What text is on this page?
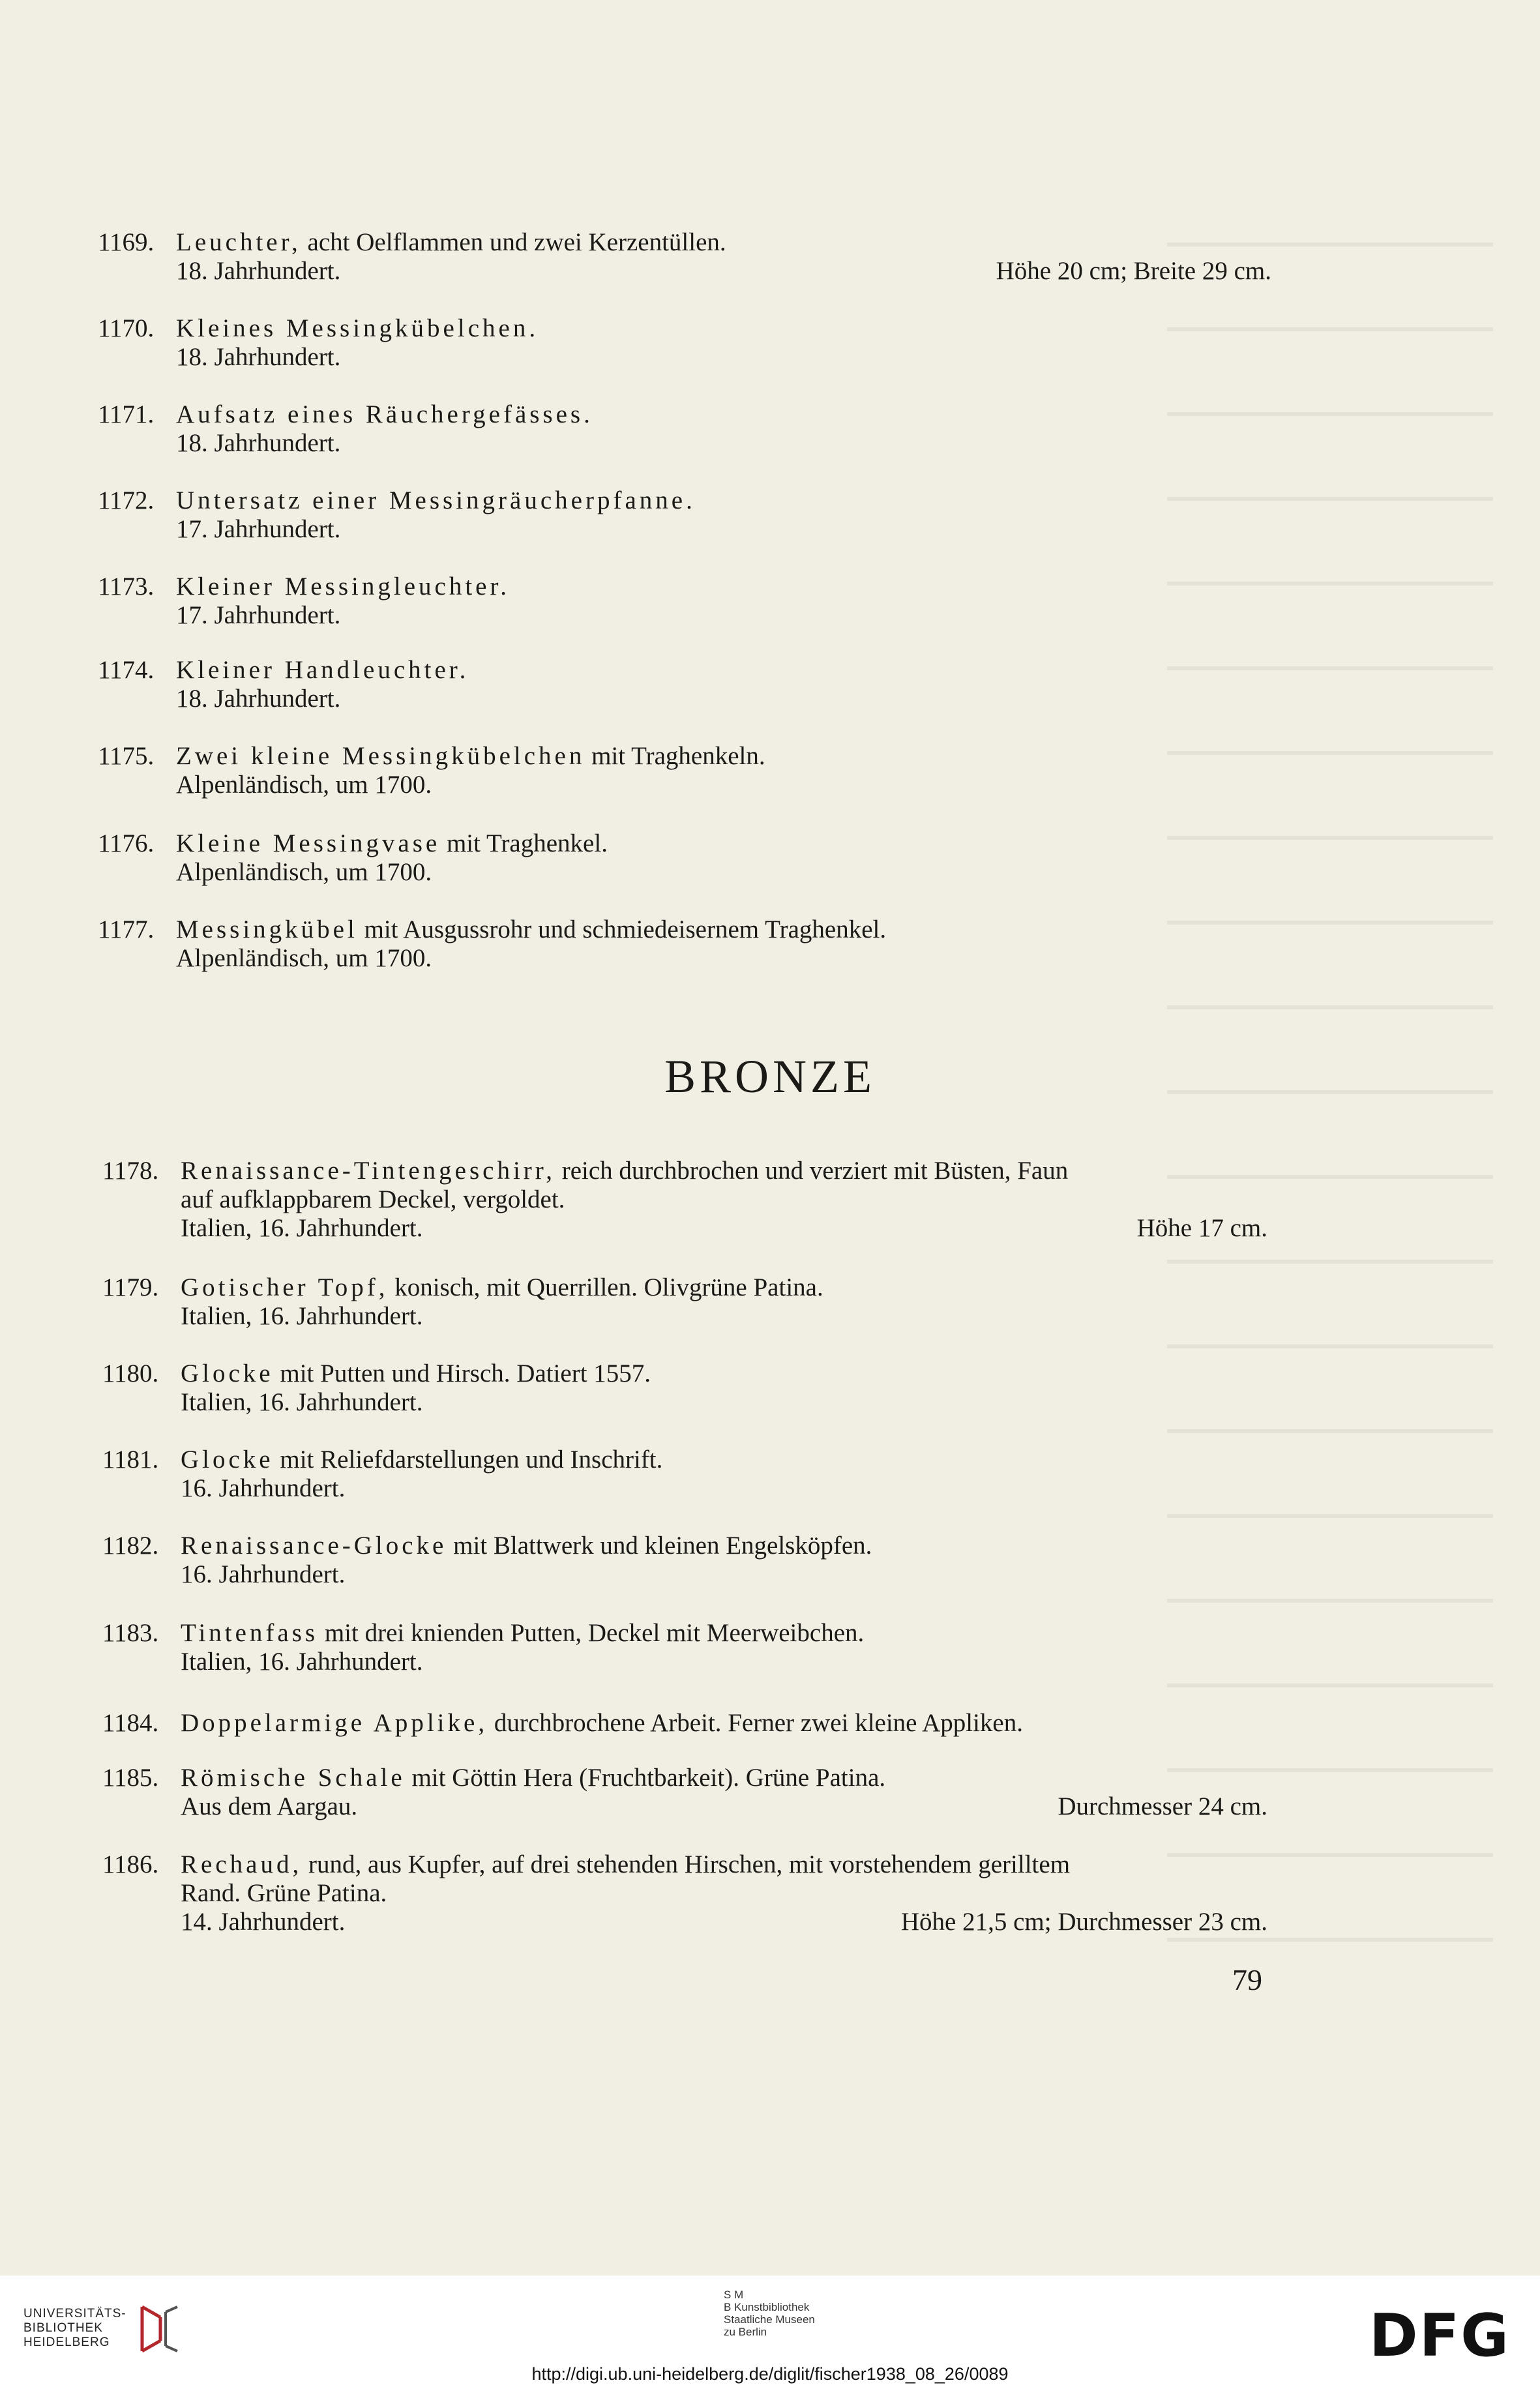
1169. Leuchter, acht Oelflammen und zwei Kerzentüllen.
18. Jahrhundert.	Höhe 20 cm; Breite 29 cm.
1170. Kleines Messingkübelchen.
18. Jahrhundert.
1171. Aufsatz eines Räuchergefässes.
18. Jahrhundert.
1172. Untersatz einer Messingräucherpfanne.
17. Jahrhundert.
1173. Kleiner Messingleuchter.
17. Jahrhundert.
1174. Kleiner Handleuchter.
18. Jahrhundert.
1175. Zwei kleine Messingkübelchen mit Traghenkeln.
Alpenländisch, um 1700.
1176. Kleine Messingvase mit Traghenkel.
Alpenländisch, um 1700.
1177. Messingkübel mit Ausgussrohr und schmiedeisernem Traghenkel.
Alpenländisch, um 1700.
BRONZE
1178. Renaissance-Tintengeschirr, reich durchbrochen und verziert mit Büsten, Faun
auf aufklappbarem Deckel, vergoldet.
Italien, 16. Jahrhundert.	Höhe 17 cm.
1179. Gotischer Topf, konisch, mit Querrillen. Olivgrüne Patina.
Italien, 16. Jahrhundert.
1180. Glocke mit Putten und Hirsch. Datiert 1557.
Italien, 16. Jahrhundert.
1181. Glocke mit Reliefdarstellungen und Inschrift.
16. Jahrhundert.
1182. Renaissance-Glocke mit Blattwerk und kleinen Engelsköpfen.
16. Jahrhundert.
1183. Tintenfass mit drei knienden Putten, Deckel mit Meerweibchen.
Italien, 16. Jahrhundert.
1184. Doppelarmige Applike, durchbrochene Arbeit. Ferner zwei kleine Appliken.
1185. Römische Schale mit Göttin Hera (Fruchtbarkeit). Grüne Patina.
Aus dem Aargau.	Durchmesser 24 cm.
1186. Rechaud, rund, aus Kupfer, auf drei stehenden Hirschen, mit vorstehendem gerilltem
Rand. Grüne Patina.
14. Jahrhundert.	Höhe 21,5 cm; Durchmesser 23 cm.
79
UNIVERSITÄTS-
BIBLIOTHEK
HEIDELBERG
S M
B Kunstbibliothek
Staatliche Museen
zu Berlin	DFG
http://digi.ub.uni-heidelberg.de/diglit/fischer1938_08_26/0089
